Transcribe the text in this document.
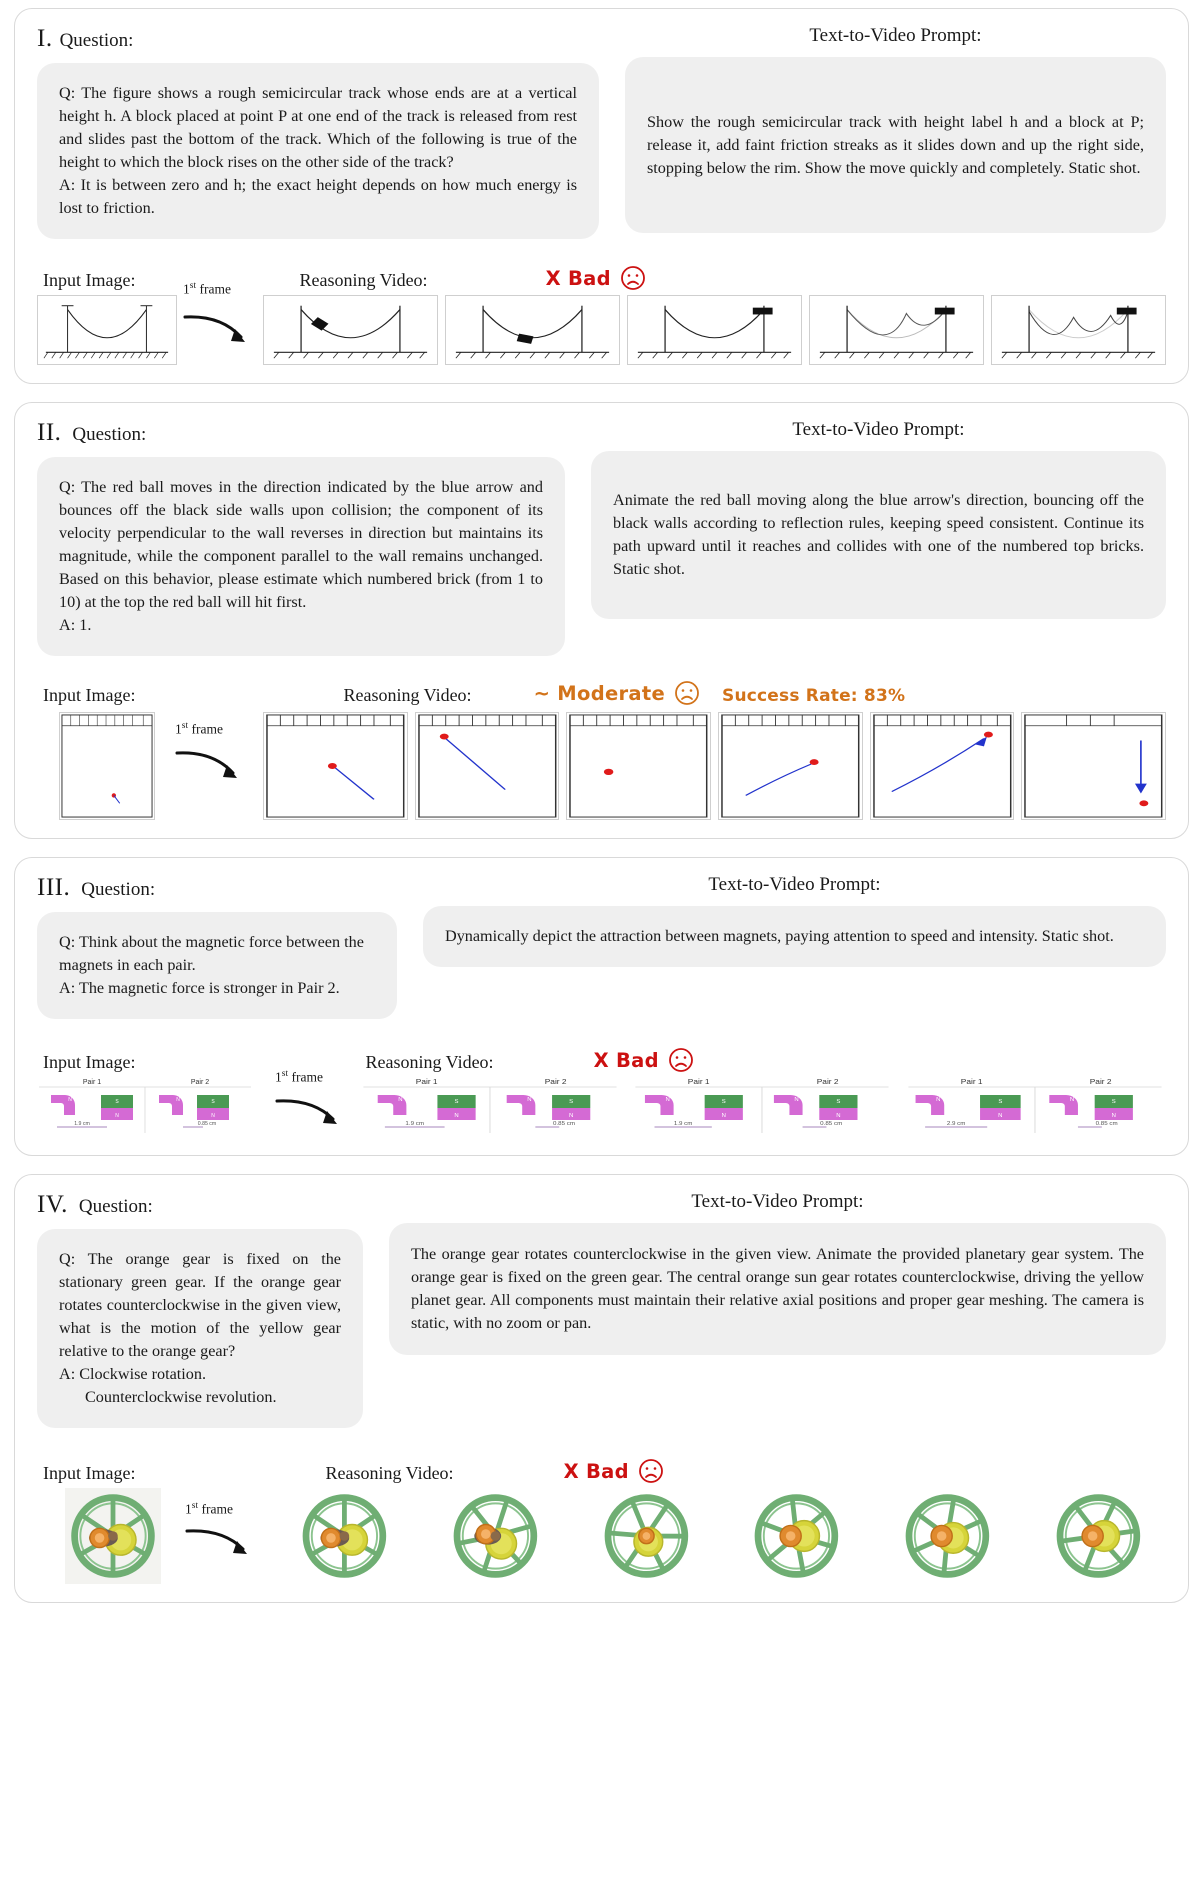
I. Question:

Q: The figure shows a rough semicircular track whose ends are at a vertical height h. A block placed at point P at one end of the track is released from rest and slides past the bottom of the track. Which of the following is true of the height to which the block rises on the other side of the track?

A: It is between zero and h; the exact height depends on how much energy is lost to friction.

Text-to-Video Prompt:

Show the rough semicircular track with height label h and a block at P; release it, add faint friction streaks as it slides down and up the right side, stopping below the rim. Show the move quickly and completely. Static shot.

Input Image:	Reasoning Video:	X Bad
1st frame
II. Question:

Q: The red ball moves in the direction indicated by the blue arrow and bounces off the black side walls upon collision; the component of its velocity perpendicular to the wall reverses in direction but maintains its magnitude, while the component parallel to the wall remains unchanged. Based on this behavior, please estimate which numbered brick (from 1 to 10) at the top the red ball will hit first.

A: 1.

Text-to-Video Prompt:

Animate the red ball moving along the blue arrow's direction, bouncing off the black walls according to reflection rules, keeping speed consistent. Continue its path upward until it reaches and collides with one of the numbered top bricks. Static shot.

Input Image:	Reasoning Video:	~ Moderate	Success Rate: 83%
1st frame
III. Question:

Q: Think about the magnetic force between the magnets in each pair.

A: The magnetic force is stronger in Pair 2.

Text-to-Video Prompt:

Dynamically depict the attraction between magnets, paying attention to speed and intensity. Static shot.

Input Image:	Reasoning Video:	X Bad
Pair 1	Pair 2
N	S
N
1.9 cm
N	S
N
0.85 cm
1st frame	Pair 1	Pair 2
N	S
N
1.9 cm
N	S
N
0.85 cm
Pair 1	Pair 2
N	S
N
1.9 cm
N	S
N
0.85 cm
Pair 1	Pair 2
N	S
N
2.9 cm
N	S
N
0.85 cm
IV. Question:

Q: The orange gear is fixed on the stationary green gear. If the orange gear rotates counterclockwise in the given view, what is the motion of the yellow gear relative to the orange gear?

A: Clockwise rotation.

Counterclockwise revolution.

Text-to-Video Prompt:

The orange gear rotates counterclockwise in the given view. Animate the provided planetary gear system. The orange gear is fixed on the green gear. The central orange sun gear rotates counterclockwise, driving the yellow planet gear. All components must maintain their relative axial positions and proper gear meshing. The camera is static, with no zoom or pan.

Input Image:	Reasoning Video:	X Bad
1st frame
